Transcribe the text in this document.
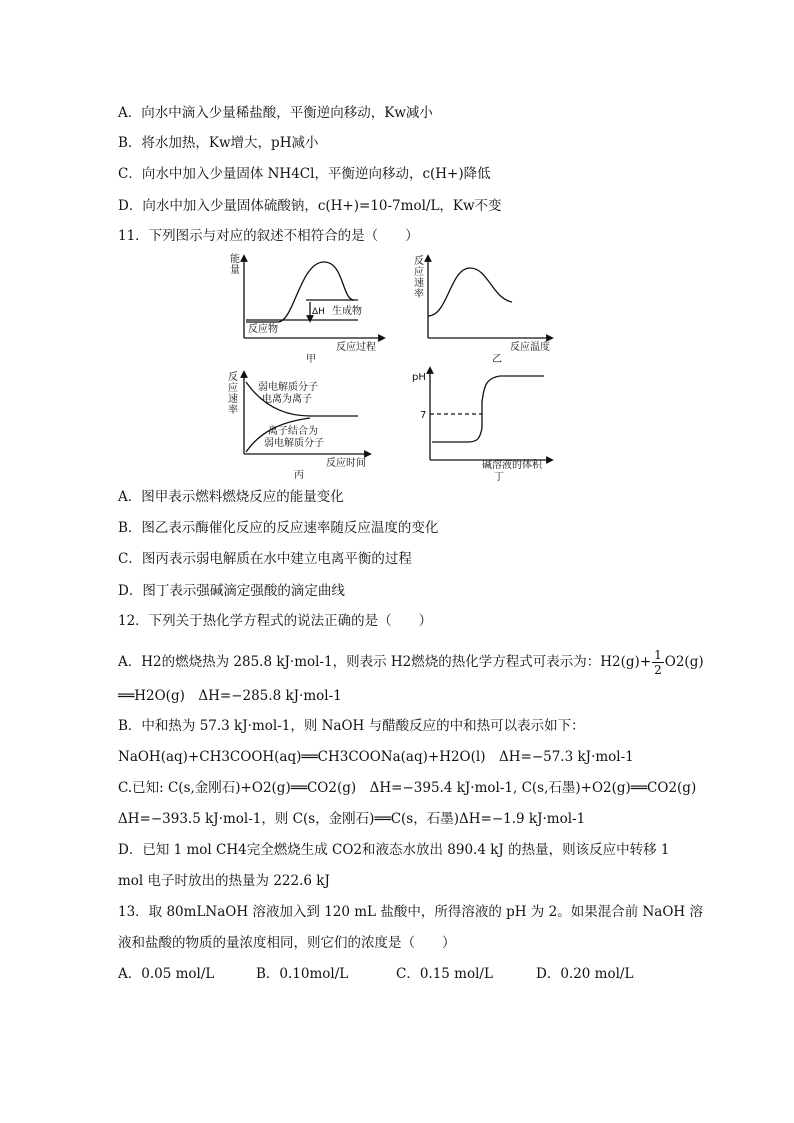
A．向水中滴入少量稀盐酸，平衡逆向移动，Kw减小
B．将水加热，Kw增大，pH减小
C．向水中加入少量固体 NH4Cl，平衡逆向移动，c(H+)降低
D．向水中加入少量固体硫酸钠，c(H+)=10-7mol/L，Kw不变
11．下列图示与对应的叙述不相符合的是（　　）
能
量
反应物
生成物
ΔH
反应过程
甲
反
应
速
率
反应温度
乙
反
应
速
率
弱电解质分子
电离为离子
离子结合为
弱电解质分子
反应时间
丙
pH
7
碱溶液的体积
丁
A．图甲表示燃料燃烧反应的能量变化
B．图乙表示酶催化反应的反应速率随反应温度的变化
C．图丙表示弱电解质在水中建立电离平衡的过程
D．图丁表示强碱滴定强酸的滴定曲线
12．下列关于热化学方程式的说法正确的是（　　）
A．H2的燃烧热为 285.8 kJ·mol-1，则表示 H2燃烧的热化学方程式可表示为：$H2(g)+ \frac{1}{2} O2(g)$
══H2O(g)　ΔH=−285.8 kJ·mol-1
B．中和热为 57.3 kJ·mol-1，则 NaOH 与醋酸反应的中和热可以表示如下：
NaOH(aq)+CH3COOH(aq)══CH3COONa(aq)+H2O(l)　ΔH=−57.3 kJ·mol-1
C.已知: C(s,金刚石)+O2(g)══CO2(g)　ΔH=−395.4 kJ·mol-1, C(s,石墨)+O2(g)══CO2(g)
ΔH=−393.5 kJ·mol-1，则 C(s，金刚石)══C(s，石墨)ΔH=−1.9 kJ·mol-1
D．已知 1 mol CH4完全燃烧生成 CO2和液态水放出 890.4 kJ 的热量，则该反应中转移 1
mol 电子时放出的热量为 222.6 kJ
13．取 80mLNaOH 溶液加入到 120 mL 盐酸中，所得溶液的 pH 为 2。如果混合前 NaOH 溶
液和盐酸的物质的量浓度相同，则它们的浓度是（　　）
A．0.05 mol/L	B．0.10mol/L	C．0.15 mol/L	D．0.20 mol/L
